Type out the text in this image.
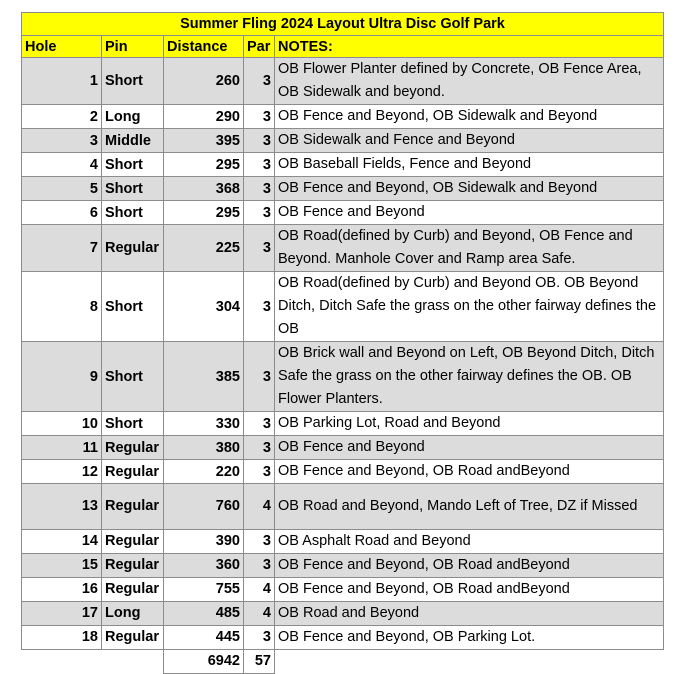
Summer Fling 2024 Layout Ultra Disc Golf Park				
Hole	Pin	Distance	Par	NOTES:
1	Short	260	3	OB Flower Planter defined by Concrete, OB Fence Area, OB Sidewalk and beyond.
2	Long	290	3	OB Fence and Beyond, OB Sidewalk and Beyond
3	Middle	395	3	OB Sidewalk and Fence and Beyond
4	Short	295	3	OB Baseball Fields, Fence and Beyond
5	Short	368	3	OB Fence and Beyond, OB Sidewalk and Beyond
6	Short	295	3	OB Fence and Beyond
7	Regular	225	3	OB Road(defined by Curb) and Beyond, OB Fence and Beyond. Manhole Cover and Ramp area Safe.
8	Short	304	3	OB Road(defined by Curb) and Beyond OB. OB Beyond Ditch, Ditch Safe the grass on the other fairway defines the OB
9	Short	385	3	OB Brick wall and Beyond on Left, OB Beyond Ditch, Ditch Safe the grass on the other fairway defines the OB. OB Flower Planters.
10	Short	330	3	OB Parking Lot, Road and Beyond
11	Regular	380	3	OB Fence and Beyond
12	Regular	220	3	OB Fence and Beyond, OB Road andBeyond
13	Regular	760	4	OB Road and Beyond, Mando Left of Tree, DZ if Missed
14	Regular	390	3	OB Asphalt Road and Beyond
15	Regular	360	3	OB Fence and Beyond, OB Road andBeyond
16	Regular	755	4	OB Fence and Beyond, OB Road andBeyond
17	Long	485	4	OB Road and Beyond
18	Regular	445	3	OB Fence and Beyond, OB Parking Lot.
		6942	57	
